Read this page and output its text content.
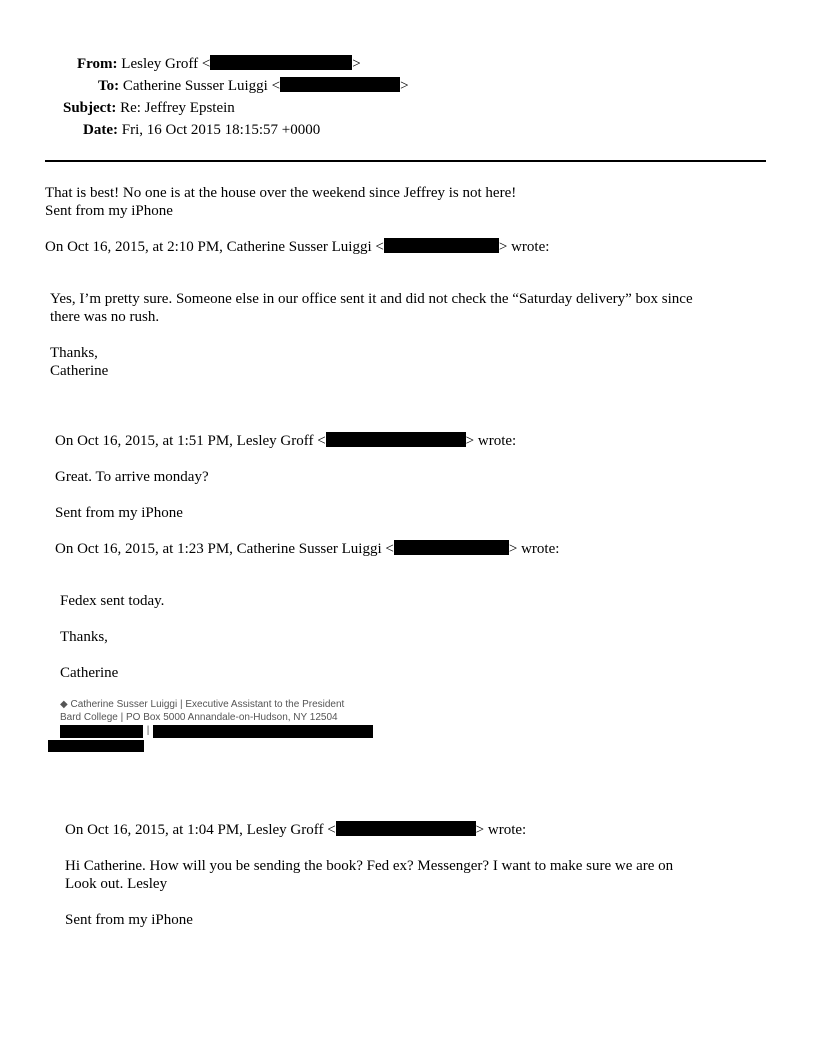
From: Lesley Groff <	>
To: Catherine Susser Luiggi <	>
Subject: Re: Jeffrey Epstein
Date: Fri, 16 Oct 2015 18:15:57 +0000
That is best! No one is at the house over the weekend since Jeffrey is not here!
Sent from my iPhone
On Oct 16, 2015, at 2:10 PM, Catherine Susser Luiggi <	> wrote:
Yes, I’m pretty sure. Someone else in our office sent it and did not check the “Saturday delivery” box since
there was no rush.
Thanks,
Catherine
On Oct 16, 2015, at 1:51 PM, Lesley Groff <	> wrote:
Great. To arrive monday?
Sent from my iPhone
On Oct 16, 2015, at 1:23 PM, Catherine Susser Luiggi <	> wrote:
Fedex sent today.
Thanks,
Catherine
◆ Catherine Susser Luiggi | Executive Assistant to the President
Bard College | PO Box 5000 Annandale-on-Hudson, NY 12504
|
On Oct 16, 2015, at 1:04 PM, Lesley Groff <	> wrote:
Hi Catherine. How will you be sending the book? Fed ex? Messenger? I want to make sure we are on
Look out. Lesley
Sent from my iPhone
